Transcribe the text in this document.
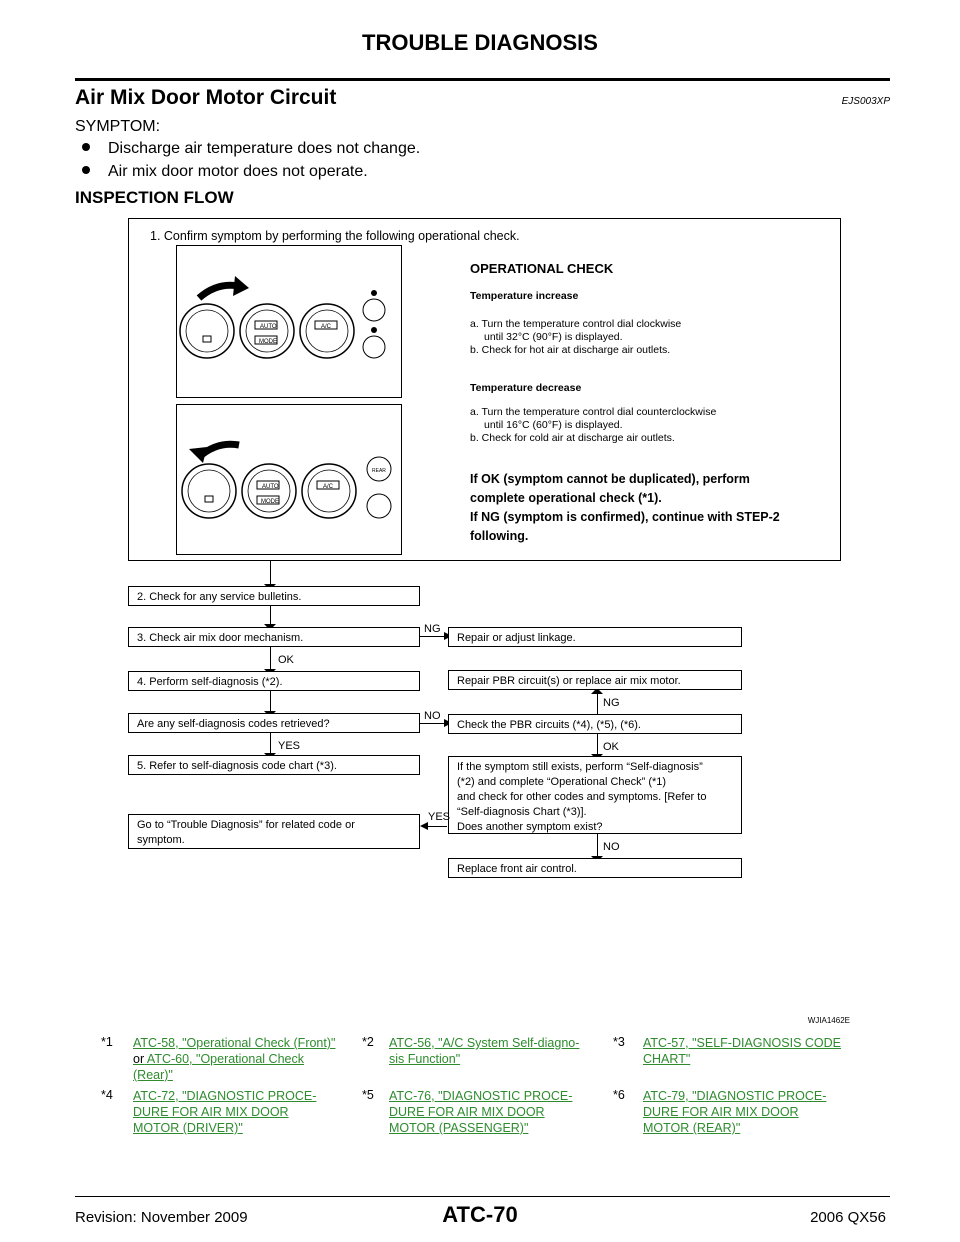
TROUBLE DIAGNOSIS
Air Mix Door Motor Circuit	EJS003XP
SYMPTOM:
Discharge air temperature does not change.
Air mix door motor does not operate.
INSPECTION FLOW
1. Confirm symptom by performing the following operational check.
AUTO
MODE
A/C
AUTO
MODE
A/C
REAR
OPERATIONAL CHECK
Temperature increase
a. Turn the temperature control dial clockwise
until 32°C (90°F) is displayed.
b. Check for hot air at discharge air outlets.
Temperature decrease
a. Turn the temperature control dial counterclockwise
until 16°C (60°F) is displayed.
b. Check for cold air at discharge air outlets.
If OK (symptom cannot be duplicated), perform
complete operational check (*1).
If NG (symptom is confirmed), continue with STEP-2
following.
2. Check for any service bulletins.
3. Check air mix door mechanism.	Repair or adjust linkage.
4. Perform self-diagnosis (*2).	Repair PBR circuit(s) or replace air mix motor.
Are any self-diagnosis codes retrieved?	Check the PBR circuits (*4), (*5), (*6).
5. Refer to self-diagnosis code chart (*3).	If the symptom still exists, perform “Self-diagnosis”
(*2) and complete “Operational Check” (*1)
and check for other codes and symptoms. [Refer to
“Self-diagnosis Chart (*3)].
Does another symptom exist?
Go to “Trouble Diagnosis” for related code or
symptom.
Replace front air control.
NG
OK
NG
NO
YES	OK
YES
NO
WJIA1462E
*1 ATC-58, "Operational Check (Front)"
or ATC-60, "Operational Check
(Rear)"
*2 ATC-56, "A/C System Self-diagno-
sis Function"
*3 ATC-57, "SELF-DIAGNOSIS CODE
CHART"
*4 ATC-72, "DIAGNOSTIC PROCE-
DURE FOR AIR MIX DOOR
MOTOR (DRIVER)"
*5 ATC-76, "DIAGNOSTIC PROCE-
DURE FOR AIR MIX DOOR
MOTOR (PASSENGER)"
*6 ATC-79, "DIAGNOSTIC PROCE-
DURE FOR AIR MIX DOOR
MOTOR (REAR)"
Revision: November 2009	ATC-70	2006 QX56
